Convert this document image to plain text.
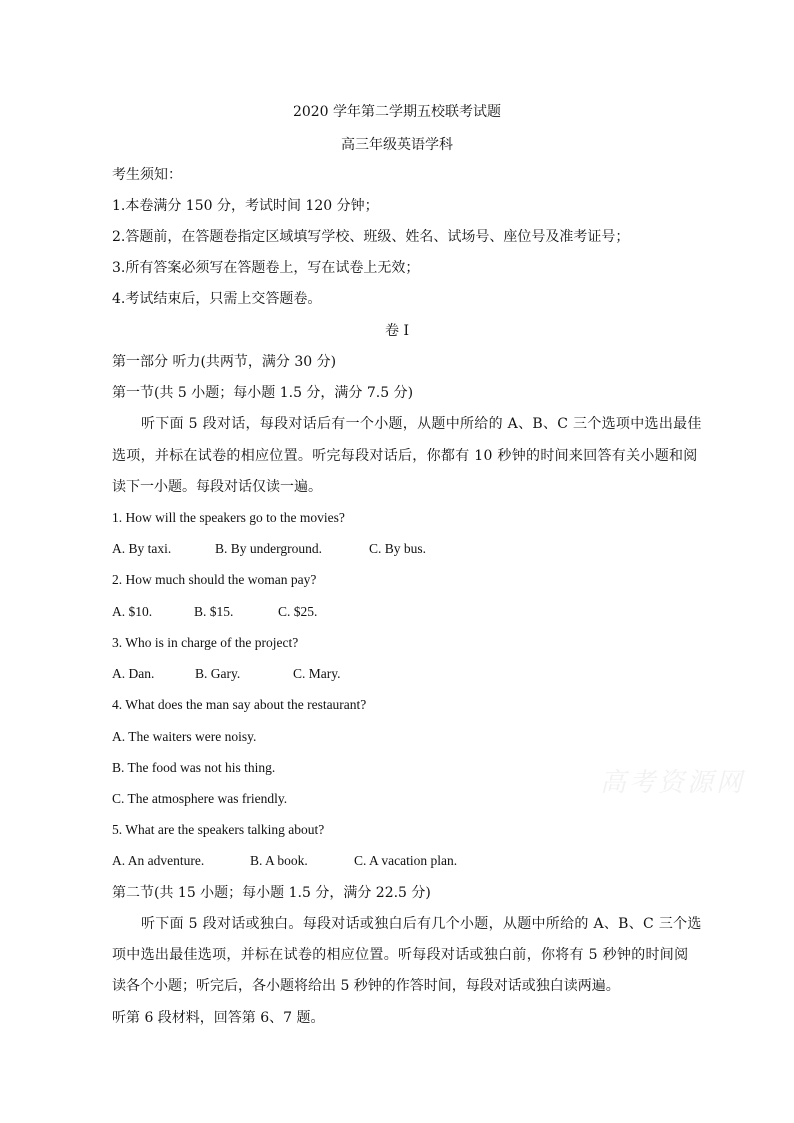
2020 学年第二学期五校联考试题
高三年级英语学科
考生须知：
1.本卷满分 150 分，考试时间 120 分钟；
2.答题前，在答题卷指定区域填写学校、班级、姓名、试场号、座位号及准考证号；
3.所有答案必须写在答题卷上，写在试卷上无效；
4.考试结束后，只需上交答题卷。
卷 I
第一部分 听力(共两节，满分 30 分)
第一节(共 5 小题；每小题 1.5 分，满分 7.5 分)
听下面 5 段对话，每段对话后有一个小题，从题中所给的 A、B、C 三个选项中选出最佳
选项，并标在试卷的相应位置。听完每段对话后，你都有 10 秒钟的时间来回答有关小题和阅
读下一小题。每段对话仅读一遍。
1. How will the speakers go to the movies?
A. By taxi.	B. By underground.	C. By bus.
2. How much should the woman pay?
A. $10.	B. $15.	C. $25.
3. Who is in charge of the project?
A. Dan.	B. Gary.	C. Mary.
4. What does the man say about the restaurant?
A. The waiters were noisy.
B. The food was not his thing.
C. The atmosphere was friendly.
5. What are the speakers talking about?
A. An adventure.	B. A book.	C. A vacation plan.
第二节(共 15 小题；每小题 1.5 分，满分 22.5 分)
听下面 5 段对话或独白。每段对话或独白后有几个小题，从题中所给的 A、B、C 三个选
项中选出最佳选项，并标在试卷的相应位置。听每段对话或独白前，你将有 5 秒钟的时间阅
读各个小题；听完后，各小题将给出 5 秒钟的作答时间，每段对话或独白读两遍。
听第 6 段材料，回答第 6、7 题。
高考资源网
